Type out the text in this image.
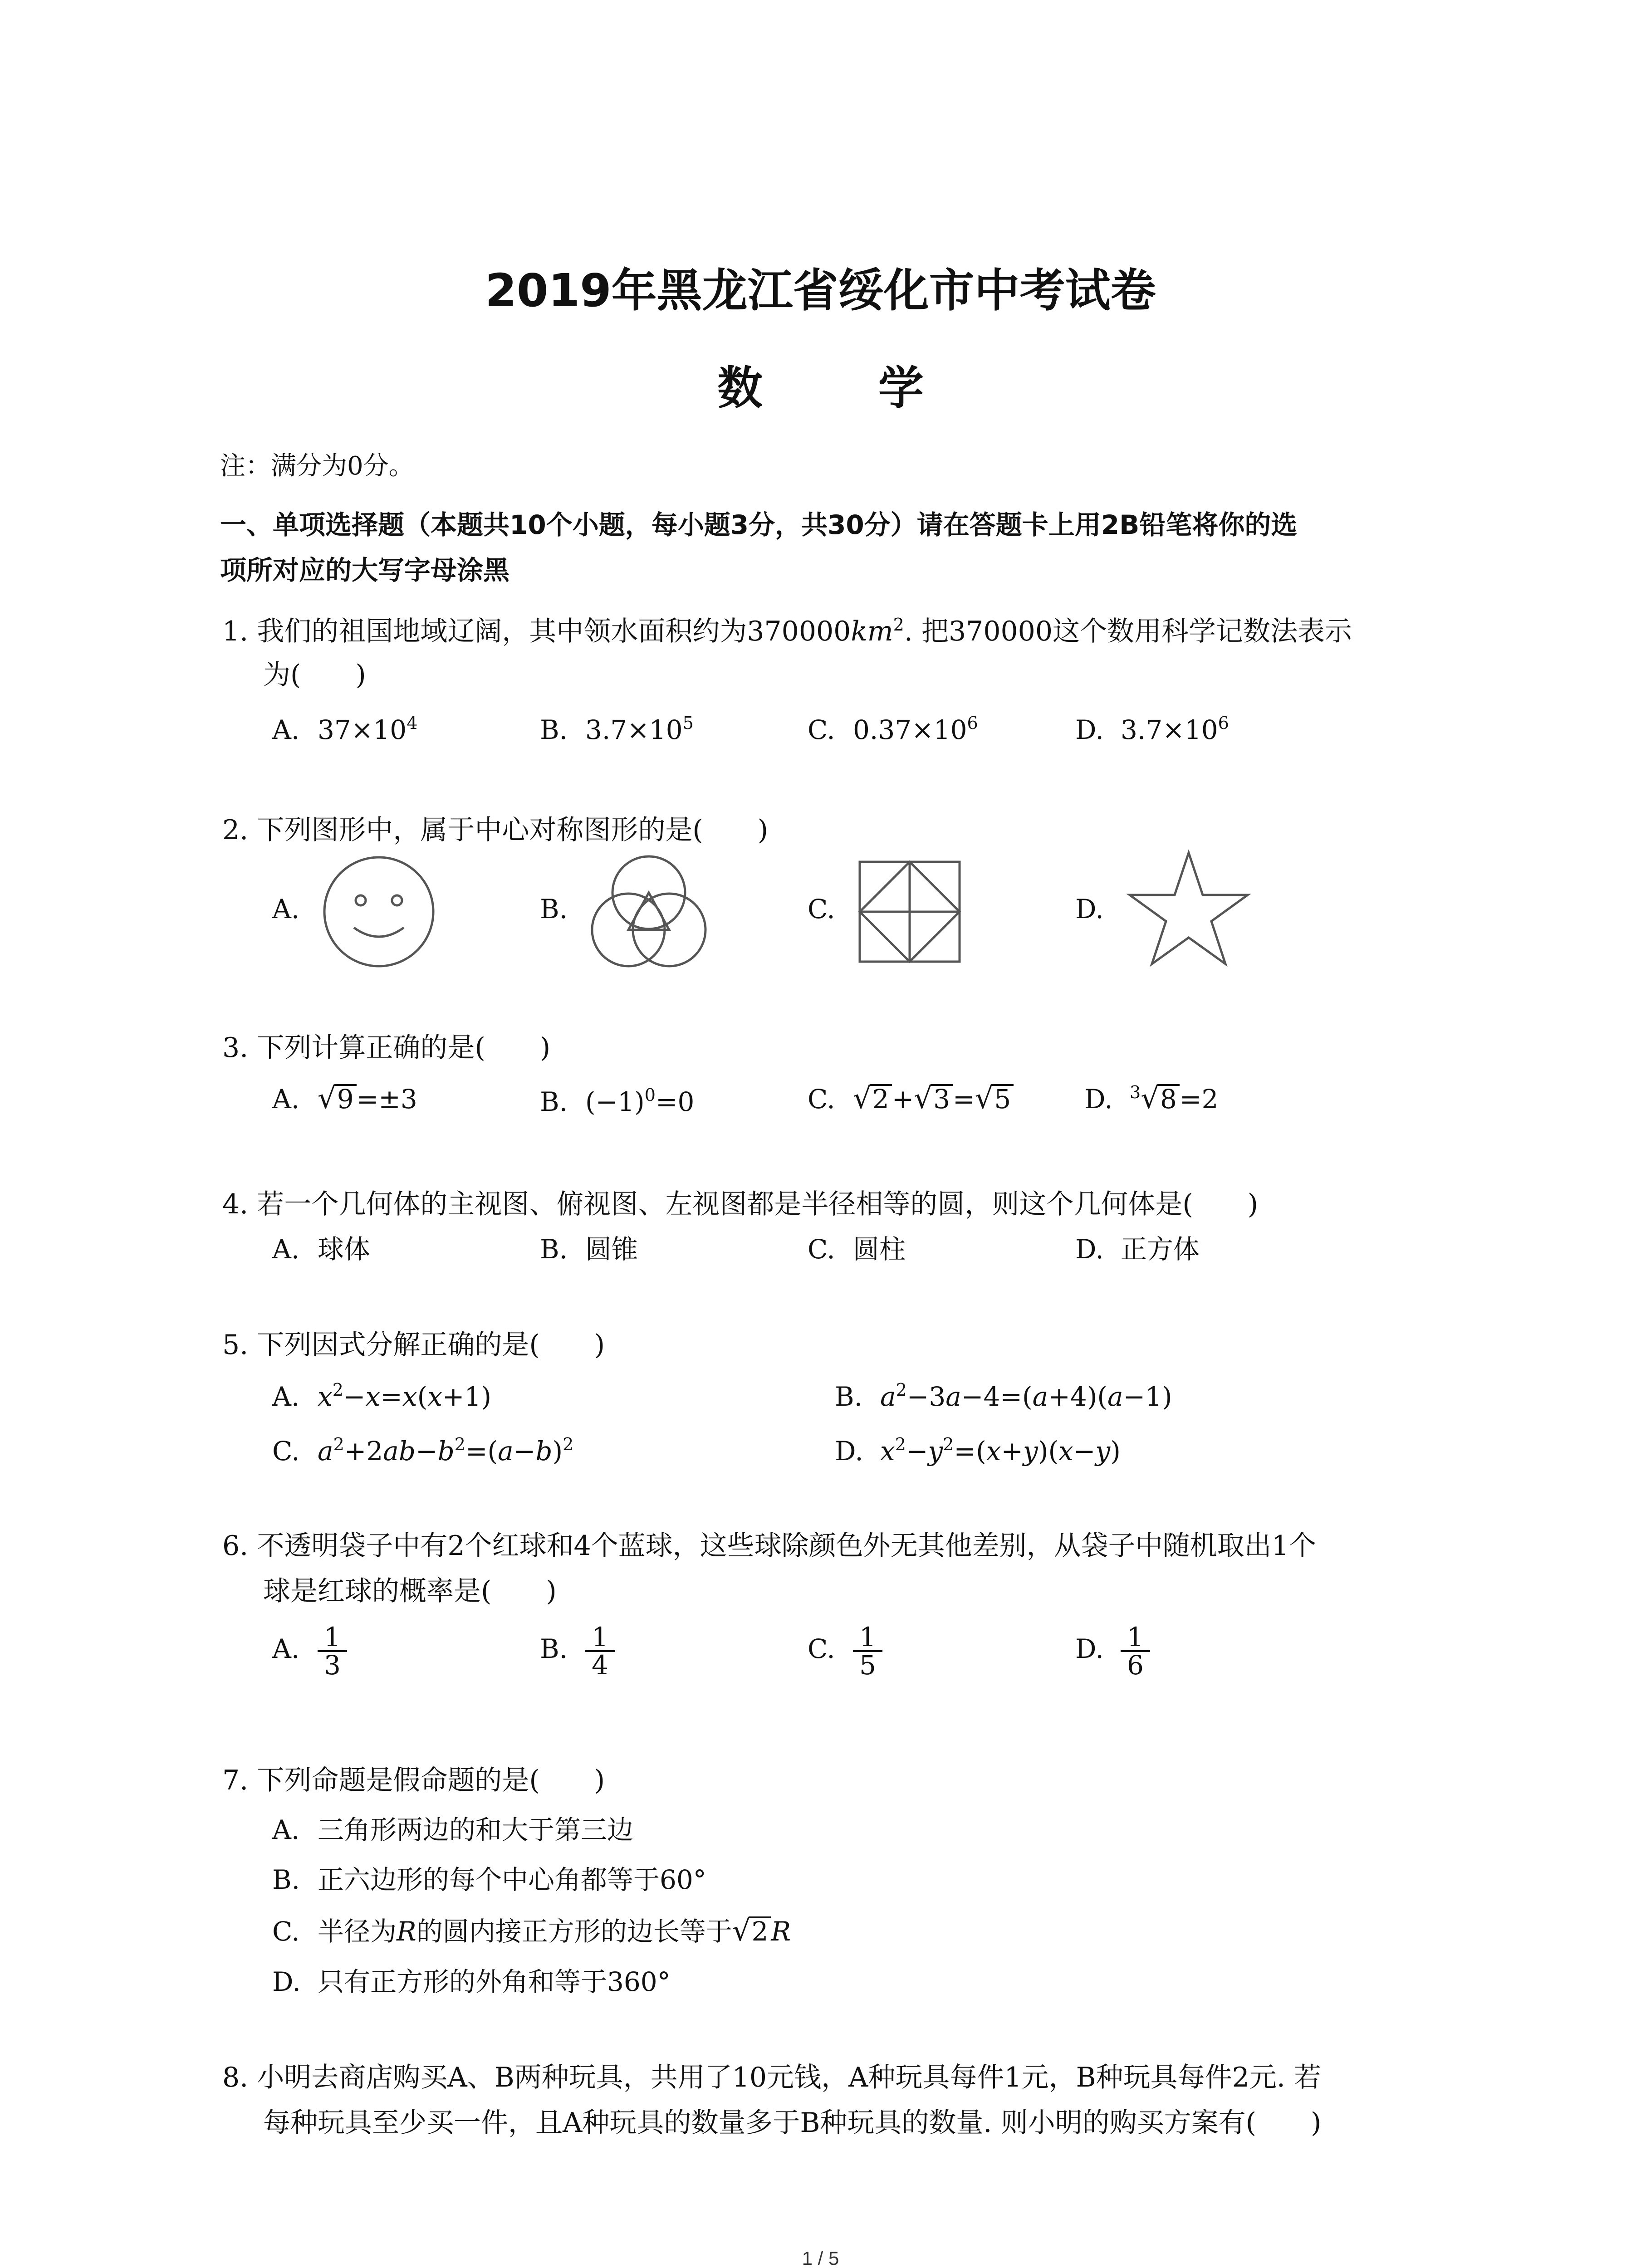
2019年黑龙江省绥化市中考试卷
数 学
注：满分为0分。
一、单项选择题（本题共10个小题，每小题3分，共30分）请在答题卡上用2B铅笔将你的选
项所对应的大写字母涂黑
1. 我们的祖国地域辽阔，其中领水面积约为$370000km^2$. 把370000这个数用科学记数法表示
为(　　)
A. $37\times 10^4$	B. $3.7\times 10^5$	C. $0.37\times 10^6$	D. $3.7\times 10^6$
2. 下列图形中，属于中心对称图形的是(　　)
A.	B.	C.	D.
3. 下列计算正确的是(　　)
A. √9 =±3	B. $(-1)^0=0$	C. √2 +√3 =√5	D. $^3$√8 =2
4. 若一个几何体的主视图、俯视图、左视图都是半径相等的圆，则这个几何体是(　　)
A. 球体	B. 圆锥	C. 圆柱	D. 正方体
5. 下列因式分解正确的是(　　)
A. $x^2-x=x(x+1)$	B. $a^2-3a-4=(a+4)(a-1)$
C. $a^2+2ab-b^2=(a-b)^2$	D. $x^2-y^2=(x+y)(x-y)$
6. 不透明袋子中有2个红球和4个蓝球，这些球除颜色外无其他差别，从袋子中随机取出1个
球是红球的概率是(　　)
A. $\frac{1}{3}$	B. $\frac{1}{4}$	C. $\frac{1}{5}$	D. $\frac{1}{6}$
7. 下列命题是假命题的是(　　)
A. 三角形两边的和大于第三边
B. 正六边形的每个中心角都等于60°
C. 半径为R的圆内接正方形的边长等于√2 R
D. 只有正方形的外角和等于360°
8. 小明去商店购买A、B两种玩具，共用了10元钱，A种玩具每件1元，B种玩具每件2元. 若
每种玩具至少买一件，且A种玩具的数量多于B种玩具的数量. 则小明的购买方案有(　　)
1 / 5
